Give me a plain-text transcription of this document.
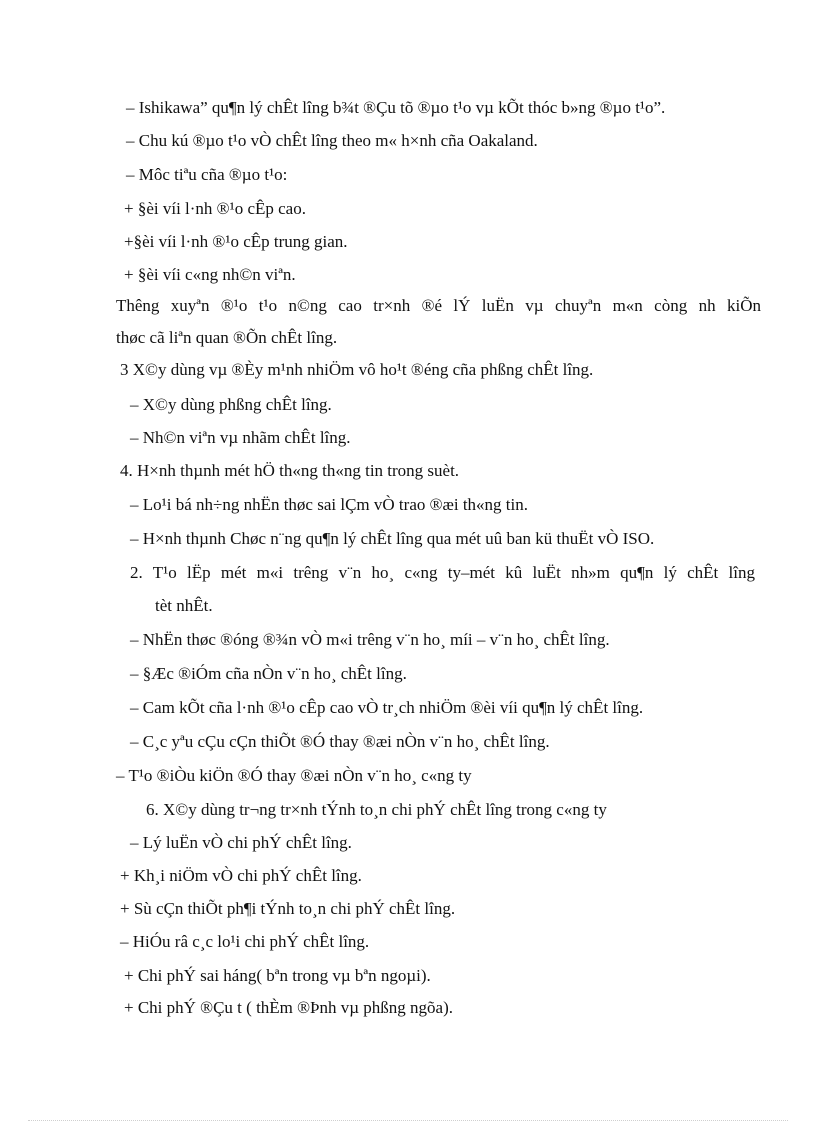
– Ishikawa” qu¶n lý chÊt lîng b¾t ®Çu tõ ®µo t¹o vµ kÕt thóc b»ng ®µo t¹o”.
– Chu kú ®µo t¹o vÒ chÊt lîng theo m« h×nh cña Oakaland.
– Môc tiªu cña ®µo t¹o:
+ §èi víi l·nh ®¹o cÊp cao.
+§èi víi l·nh ®¹o cÊp trung gian.
+ §èi víi c«ng nh©n viªn.
Thêng xuyªn ®¹o t¹o n©ng cao tr×nh ®é lÝ luËn vµ chuyªn m«n còng nh kiÕn
thøc cã liªn quan ®Õn chÊt lîng.
3 X©y dùng vµ ®Èy m¹nh nhiÖm vô ho¹t ®éng cña phßng chÊt lîng.
– X©y dùng phßng chÊt lîng.
– Nh©n viªn vµ nhãm chÊt lîng.
4. H×nh thµnh mét hÖ th«ng th«ng tin trong suèt.
– Lo¹i bá nh÷ng nhËn thøc sai lÇm vÒ trao ®æi th«ng tin.
– H×nh thµnh Chøc n¨ng qu¶n lý chÊt lîng qua mét uû ban kü thuËt vÒ ISO.
2. T¹o lËp mét m«i trêng v¨n ho¸ c«ng ty–mét kû luËt nh»m qu¶n lý chÊt lîng
tèt nhÊt.
– NhËn thøc ®óng ®¾n vÒ m«i trêng v¨n ho¸ míi – v¨n ho¸ chÊt lîng.
– §Æc ®iÓm cña nÒn v¨n ho¸ chÊt lîng.
– Cam kÕt cña l·nh ®¹o cÊp cao vÒ tr¸ch nhiÖm ®èi víi qu¶n lý chÊt lîng.
– C¸c yªu cÇu cÇn thiÕt ®Ó thay ®æi nÒn v¨n ho¸ chÊt lîng.
– T¹o ®iÒu kiÖn ®Ó thay ®æi nÒn v¨n ho¸ c«ng ty
6. X©y dùng tr¬ng tr×nh tÝnh to¸n chi phÝ chÊt lîng trong c«ng ty
– Lý luËn vÒ chi phÝ chÊt lîng.
+ Kh¸i niÖm vÒ chi phÝ chÊt lîng.
+ Sù cÇn thiÕt ph¶i tÝnh to¸n chi phÝ chÊt lîng.
– HiÓu râ c¸c lo¹i chi phÝ chÊt lîng.
+ Chi phÝ sai háng( bªn trong vµ bªn ngoµi).
+ Chi phÝ ®Çu t ( thÈm ®Þnh vµ phßng ngõa).
